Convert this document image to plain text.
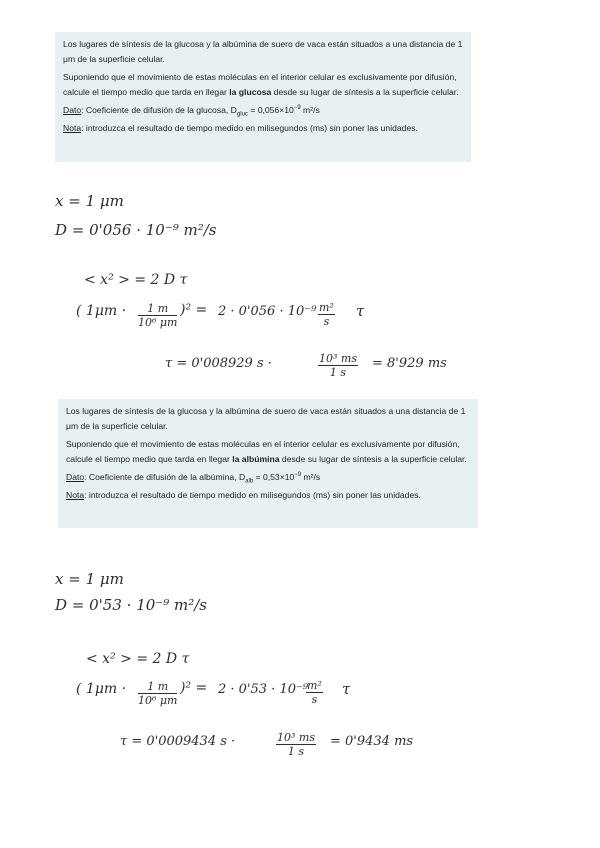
Los lugares de síntesis de la glucosa y la albúmina de suero de vaca están situados a una distancia de 1 μm de la superficie celular.

Suponiendo que el movimiento de estas moléculas en el interior celular es exclusivamente por difusión, calcule el tiempo medio que tarda en llegar la glucosa desde su lugar de síntesis a la superficie celular.

Dato: Coeficiente de difusión de la glucosa, $D_{gluc} = 0,056\times 10^{-9}$ m²/s

Nota: introduzca el resultado de tiempo medido en milisegundos (ms) sin poner las unidades.

x = 1 μm
D = 0'056 · 10⁻⁹ m²/s
< x² > = 2 D τ
( $1\mu m \cdot \frac{1 m}{\text{10⁶ μm}} )^2 = 2 \cdot 0'056 \cdot 10^{-9} \frac{\text{m²}}{s}$ τ
τ = 0'008929 s ·	$\frac{\text{10³ ms}}{1 s} = 8'929$ ms

Los lugares de síntesis de la glucosa y la albúmina de suero de vaca están situados a una distancia de 1 μm de la superficie celular.

Suponiendo que el movimiento de estas moléculas en el interior celular es exclusivamente por difusión, calcule el tiempo medio que tarda en llegar la albúmina desde su lugar de síntesis a la superficie celular.

Dato: Coeficiente de difusión de la albúmina, $D_{alb} = 0,53\times 10^{-9}$ m²/s

Nota: introduzca el resultado de tiempo medido en milisegundos (ms) sin poner las unidades.

x = 1 μm
D = 0'53 · 10⁻⁹ m²/s
< x² > = 2 D τ
( $1\mu m \cdot \frac{1 m}{\text{10⁶ μm}} )^2 = 2 \cdot 0'53 \cdot 10^{-9}$
$\frac{\text{m²}}{s}$ τ
τ = 0'0009434 s ·	$\frac{\text{10³ ms}}{1 s} = 0'9434$ ms
